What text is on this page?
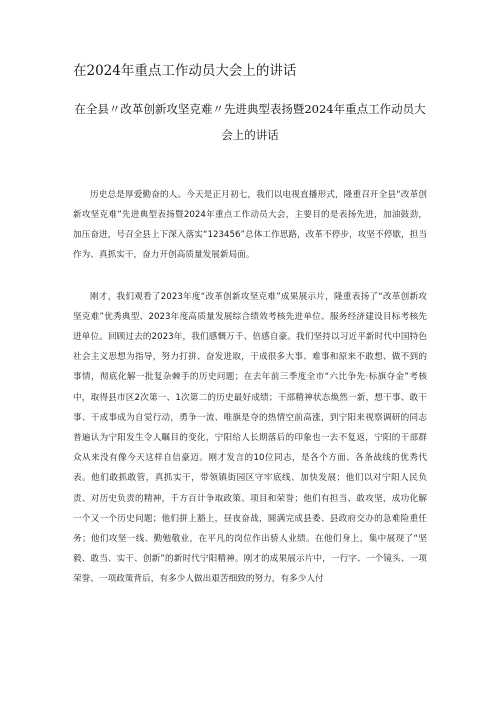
在2024年重点工作动员大会上的讲话
在全县〃改革创新攻坚克难〃先进典型表扬暨2024年重点工作动员大会上的讲话

历史总是厚爱勤奋的人。今天是正月初七，我们以电视直播形式，隆重召开全县“改革创新攻坚克难”先进典型表扬暨2024年重点工作动员大会，主要目的是表扬先进，加油鼓劲，加压奋进，号召全县上下深入落实“123456”总体工作思路，改革不停步，攻坚不停歇，担当作为、真抓实干，奋力开创高质量发展新局面。

刚才，我们观看了2023年度“改革创新攻坚克难”成果展示片，隆重表扬了“改革创新攻坚克难”优秀典型、2023年度高质量发展综合绩效考核先进单位、服务经济建设目标考核先进单位。回顾过去的2023年，我们感慨万千、倍感自豪。我们坚持以习近平新时代中国特色社会主义思想为指导，努力打拼、奋发进取，干成很多大事、难事和原来不敢想、做不到的事情，彻底化解一批复杂棘手的历史问题；在去年前三季度全市“六比争先·标旗夺金”考核中，取得县市区2次第一、1次第二的历史最好成绩；干部精神状态焕然一新，想干事、敢干事、干成事成为自觉行动，勇争一流、唯旗是夺的热情空前高涨，到宁阳来视察调研的同志普遍认为宁阳发生令人瞩目的变化，宁阳给人长期落后的印象也一去不复返，宁阳的干部群众从来没有像今天这样自信豪迈。刚才发言的10位同志，是各个方面、各条战线的优秀代表。他们敢抓敢管，真抓实干，带领镇街园区守牢底线、加快发展；他们以对宁阳人民负责、对历史负责的精神，千方百计争取政策、项目和荣誉；他们有担当、敢攻坚，成功化解一个又一个历史问题；他们拼上豁上，昼夜奋战，圆满完成县委、县政府交办的急难险重任务；他们攻坚一线、勤勉敬业，在平凡的岗位作出骄人业绩。在他们身上，集中展现了“坚毅、敢当、实干、创新”的新时代宁阳精神。刚才的成果展示片中，一行字、一个镜头、一项荣誉、一项政策背后，有多少人做出艰苦细致的努力，有多少人付
